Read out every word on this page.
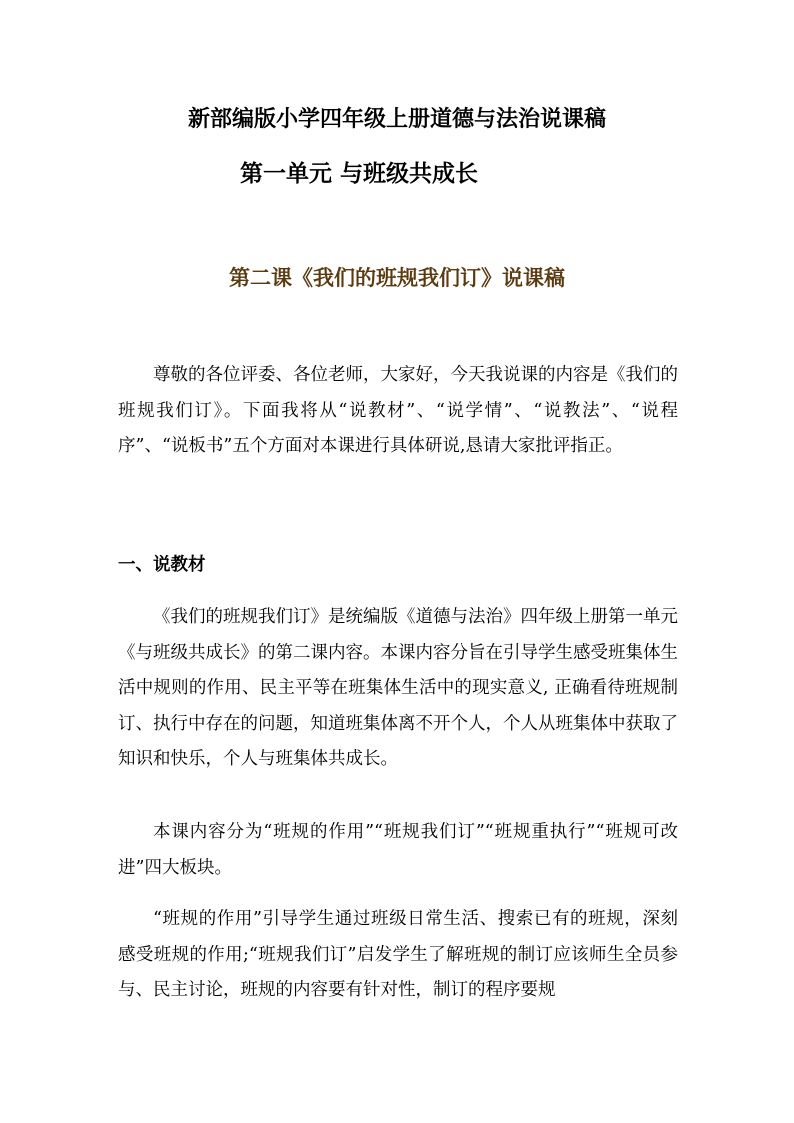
新部编版小学四年级上册道德与法治说课稿
第一单元 与班级共成长
第二课《我们的班规我们订》说课稿

尊敬的各位评委、各位老师，大家好，今天我说课的内容是《我们的班规我们订》。下面我将从“说教材”、“说学情”、“说教法”、“说程序”、“说板书”五个方面对本课进行具体研说,恳请大家批评指正。

一、说教材

《我们的班规我们订》是统编版《道德与法治》四年级上册第一单元《与班级共成长》的第二课内容。本课内容分旨在引导学生感受班集体生活中规则的作用、民主平等在班集体生活中的现实意义, 正确看待班规制订、执行中存在的问题，知道班集体离不开个人，个人从班集体中获取了知识和快乐，个人与班集体共成长。

本课内容分为“班规的作用”“班规我们订”“班规重执行”“班规可改进”四大板块。

“班规的作用”引导学生通过班级日常生活、搜索已有的班规，深刻感受班规的作用;“班规我们订”启发学生了解班规的制订应该师生全员参与、民主讨论，班规的内容要有针对性，制订的程序要规
